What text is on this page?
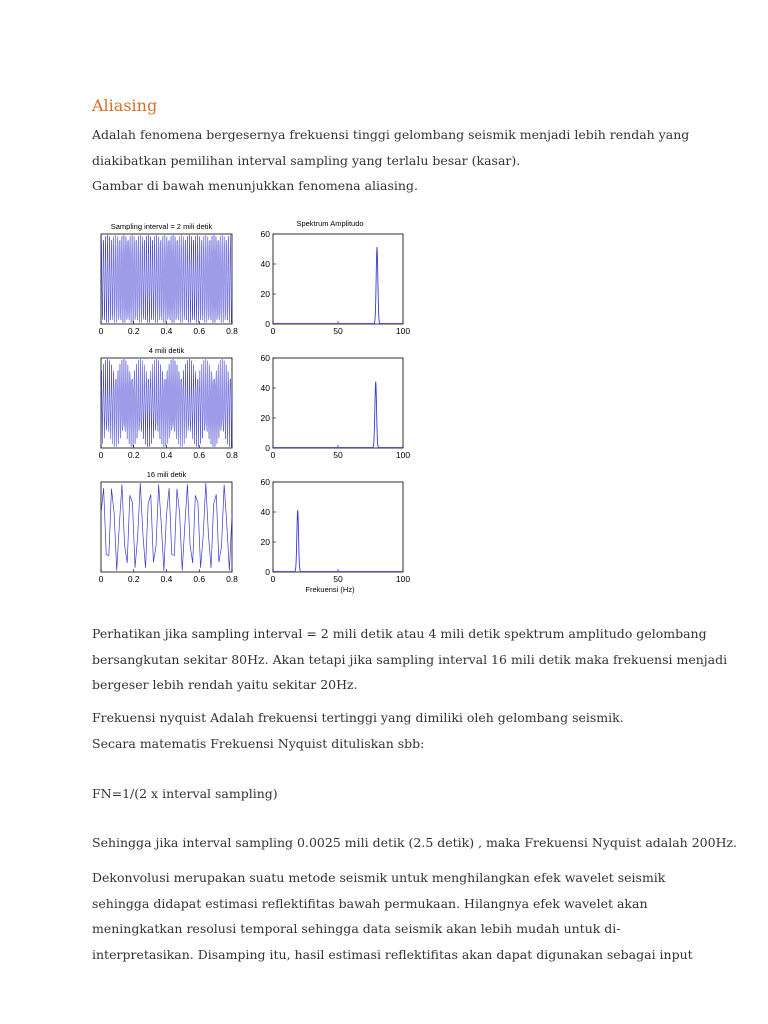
Aliasing

Adalah fenomena bergesernya frekuensi tinggi gelombang seismik menjadi lebih rendah yang
diakibatkan pemilihan interval sampling yang terlalu besar (kasar).
Gambar di bawah menunjukkan fenomena aliasing.

Sampling interval = 2 mili detik
0	0.2 0.4 0.6 0.8
Spektrum Amplitudo
0
20
40
60
0	50	100
4 mili detik
0	0.2 0.4 0.6 0.8
0
20
40
60
0	50	100
16 mili detik
0	0.2 0.4 0.6 0.8
0
20
40
60
0	50	100
Frekuensi (Hz)

Perhatikan jika sampling interval = 2 mili detik atau 4 mili detik spektrum amplitudo gelombang
bersangkutan sekitar 80Hz. Akan tetapi jika sampling interval 16 mili detik maka frekuensi menjadi
bergeser lebih rendah yaitu sekitar 20Hz.

Frekuensi nyquist Adalah frekuensi tertinggi yang dimiliki oleh gelombang seismik.
Secara matematis Frekuensi Nyquist dituliskan sbb:

FN=1/(2 x interval sampling)

Sehingga jika interval sampling 0.0025 mili detik (2.5 detik) , maka Frekuensi Nyquist adalah 200Hz.

Dekonvolusi merupakan suatu metode seismik untuk menghilangkan efek wavelet seismik
sehingga didapat estimasi reflektifitas bawah permukaan. Hilangnya efek wavelet akan
meningkatkan resolusi temporal sehingga data seismik akan lebih mudah untuk di-
interpretasikan. Disamping itu, hasil estimasi reflektifitas akan dapat digunakan sebagai input
